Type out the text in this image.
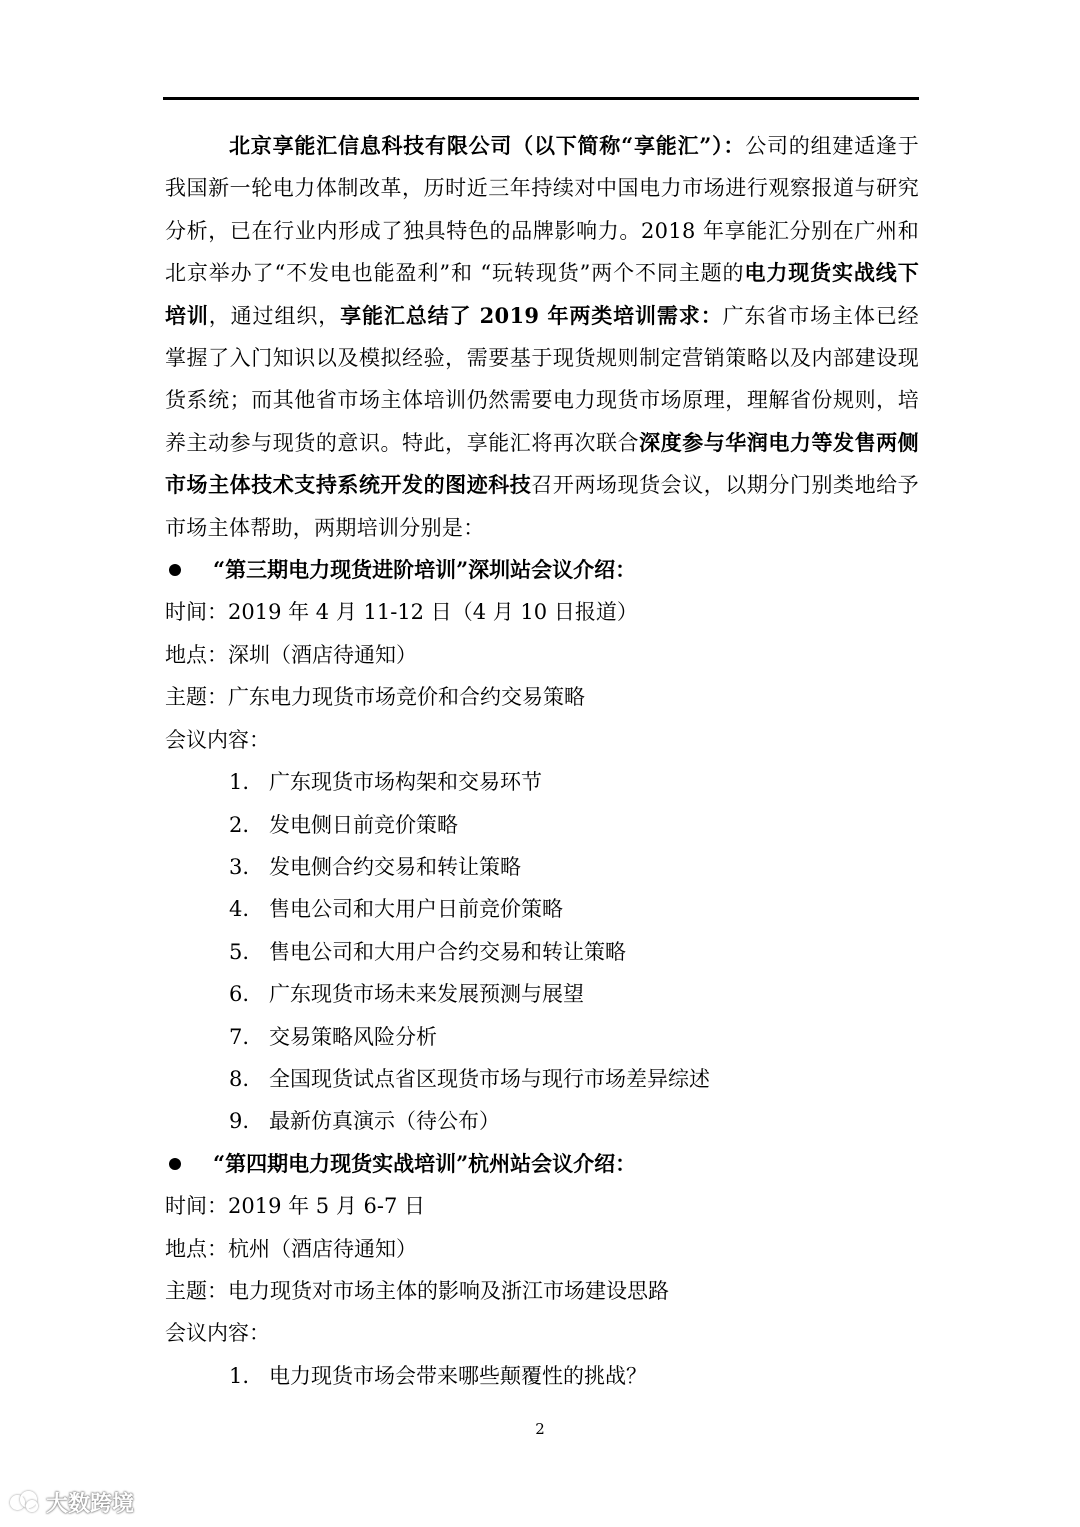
北京享能汇信息科技有限公司（以下简称“享能汇”）：公司的组建适逢于我国新一轮电力体制改革，历时近三年持续对中国电力市场进行观察报道与研究分析，已在行业内形成了独具特色的品牌影响力。2018 年享能汇分别在广州和北京举办了“不发电也能盈利”和 “玩转现货”两个不同主题的电力现货实战线下培训，通过组织，享能汇总结了 2019 年两类培训需求：广东省市场主体已经掌握了入门知识以及模拟经验，需要基于现货规则制定营销策略以及内部建设现货系统；而其他省市场主体培训仍然需要电力现货市场原理，理解省份规则，培养主动参与现货的意识。特此，享能汇将再次联合深度参与华润电力等发售两侧市场主体技术支持系统开发的图迹科技召开两场现货会议，以期分门别类地给予市场主体帮助，两期培训分别是：

“第三期电力现货进阶培训”深圳站会议介绍：

时间：2019 年 4 月 11-12 日（4 月 10 日报道）

地点：深圳（酒店待通知）

主题：广东电力现货市场竞价和合约交易策略

会议内容：

1. 广东现货市场构架和交易环节
2. 发电侧日前竞价策略
3. 发电侧合约交易和转让策略
4. 售电公司和大用户日前竞价策略
5. 售电公司和大用户合约交易和转让策略
6. 广东现货市场未来发展预测与展望
7. 交易策略风险分析
8. 全国现货试点省区现货市场与现行市场差异综述
9. 最新仿真演示（待公布）

“第四期电力现货实战培训”杭州站会议介绍：

时间：2019 年 5 月 6-7 日

地点：杭州（酒店待通知）

主题：电力现货对市场主体的影响及浙江市场建设思路

会议内容：

1. 电力现货市场会带来哪些颠覆性的挑战？
2
大数跨境
